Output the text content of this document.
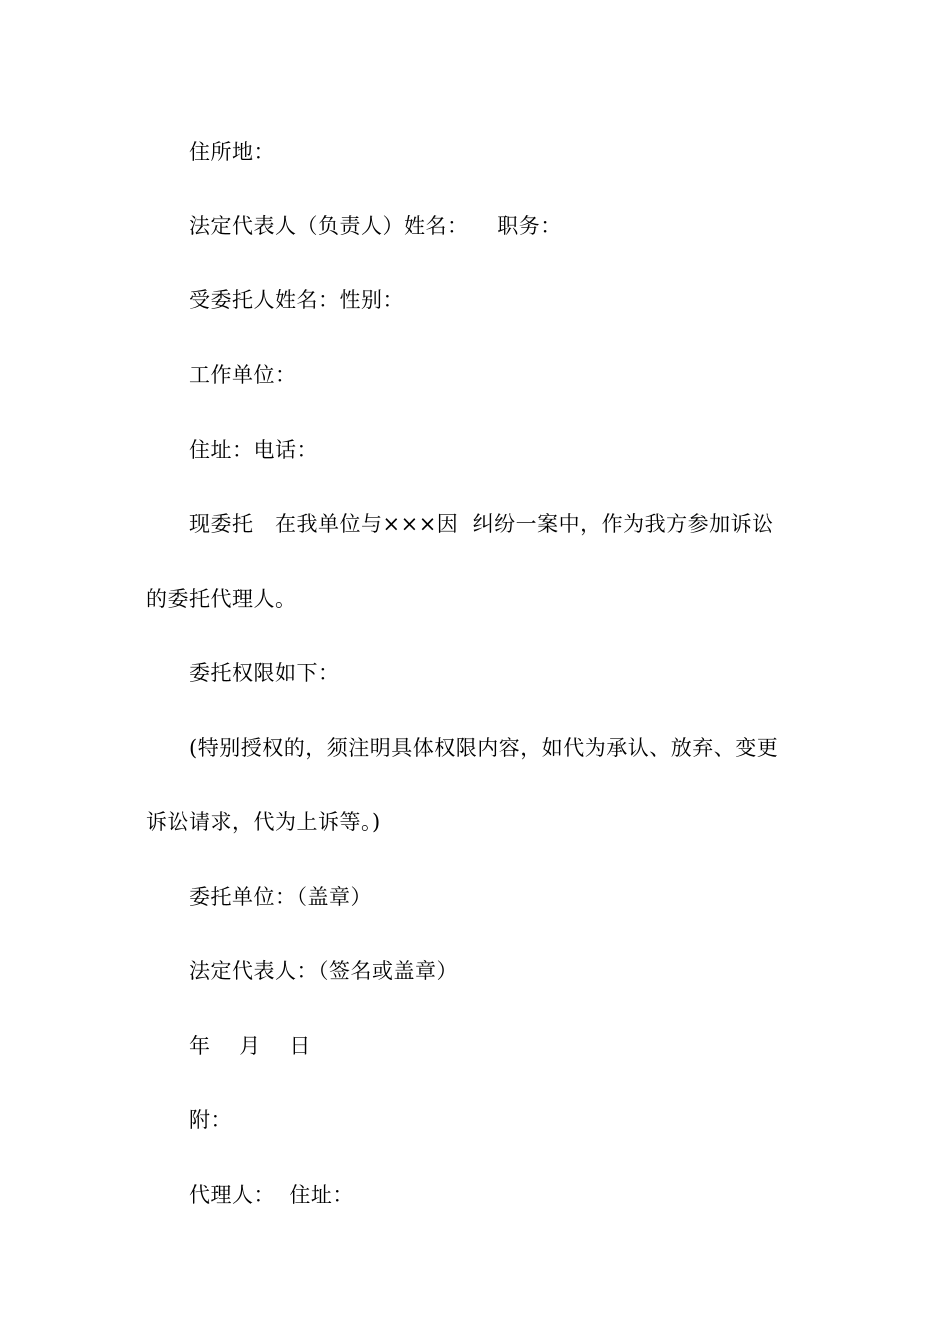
住所地：
法定代表人（负责人）姓名：    职务：
受委托人姓名：性别：
工作单位：
住址：电话：
现委托   在我单位与×××因  纠纷一案中，作为我方参加诉讼
的委托代理人。
委托权限如下：
(特别授权的，须注明具体权限内容，如代为承认、放弃、变更
诉讼请求，代为上诉等。)
委托单位：（盖章）
法定代表人：（签名或盖章）
年    月    日
附：
代理人：  住址：
